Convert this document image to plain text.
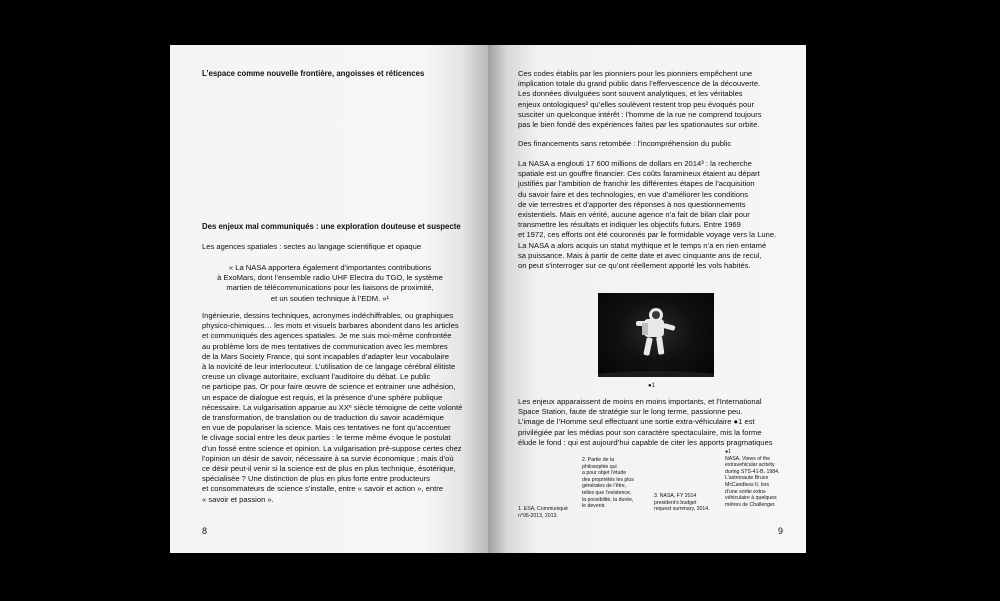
L’espace comme nouvelle frontière, angoisses et réticences
Des enjeux mal communiqués : une exploration douteuse et suspecte
Les agences spatiales : sectes au langage scientifique et opaque
« La NASA apportera également d’importantes contributions
à ExoMars, dont l’ensemble radio UHF Electra du TGO, le système
martien de télécommunications pour les liaisons de proximité,
et un soutien technique à l’EDM. »¹
Ingénieurie, dessins techniques, acronymes indéchiffrables, ou graphiques
physico-chimiques… les mots et visuels barbares abondent dans les articles
et communiqués des agences spatiales. Je me suis moi-même confrontée
au problème lors de mes tentatives de communication avec les membres
de la Mars Society France, qui sont incapables d’adapter leur vocabulaire
à la novicité de leur interlocuteur. L’utilisation de ce langage cérébral élitiste
creuse un clivage autoritaire, excluant l’auditoire du débat. Le public
ne participe pas. Or pour faire œuvre de science et entrainer une adhésion,
un espace de dialogue est requis, et la présence d’une sphère publique
nécessaire. La vulgarisation apparue au XXᵉ siècle témoigne de cette volonté
de transformation, de translation ou de traduction du savoir académique
en vue de populariser la science. Mais ces tentatives ne font qu’accentuer
le clivage social entre les deux parties : le terme même évoque le postulat
d’un fossé entre science et opinion. La vulgarisation pré-suppose certes chez
l’opinion un désir de savoir, nécessaire à sa survie économique ; mais d’où
ce désir peut-il venir si la science est de plus en plus technique, ésotérique,
spécialisée ? Une distinction de plus en plus forte entre producteurs
et consommateurs de science s’installe, entre « savoir et action », entre
« savoir et passion ».
8
Ces codes établis par les pionniers pour les pionniers empêchent une
implication totale du grand public dans l’effervescence de la découverte.
Les données divulguées sont souvent analytiques, et les véritables
enjeux ontologiques² qu’elles soulèvent restent trop peu évoqués pour
susciter un quelconque intérêt : l’homme de la rue ne comprend toujours
pas le bien fondé des expériences faites par les spationautes sur orbite.
Des financements sans retombée : l’incompréhension du public
La NASA a englouti 17 600 millions de dollars en 2014³ : la recherche
spatiale est un gouffre financier. Ces coûts faramineux étaient au départ
justifiés par l’ambition de franchir les différentes étapes de l’acquisition
du savoir faire et des technologies, en vue d’améliorer les conditions
de vie terrestres et d’apporter des réponses à nos questionnements
existentiels. Mais en vérité, aucune agence n’a fait de bilan clair pour
transmettre les résultats et indiquer les objectifs futurs. Entre 1969
et 1972, ces efforts ont été couronnés par le formidable voyage vers la Lune.
La NASA a alors acquis un statut mythique et le temps n’a en rien entamé
sa puissance. Mais à partir de cette date et avec cinquante ans de recul,
on peut s’interroger sur ce qu’ont réellement apporté les vols habités.
●1
Les enjeux apparaissent de moins en moins importants, et l’International
Space Station, faute de stratégie sur le long terme, passionne peu.
L’image de l’Homme seul effectuant une sortie extra-véhiculaire ●1 est
privilégiée par les médias pour son caractère spectaculaire, mis la forme
élude le fond : qui est aujourd’hui capable de citer les apports pragmatiques
1. ESA, Communiqué
n°06-2013, 2013.
2. Partie de la
philosophie qui
a pour objet l’étude
des propriétés les plus
générales de l’être,
telles que l’existence,
la possibilité, la durée,
le devenir.
3. NASA, FY 2014
president’s budget
request summary, 2014.
●1
NASA, Views of the
extravehicular activity
during STS-41-B, 1984.
L’astronaute Bruce
McCandless II, lors
d’une sortie extra-
véhiculaire à quelques
mètres de Challenger.
9
